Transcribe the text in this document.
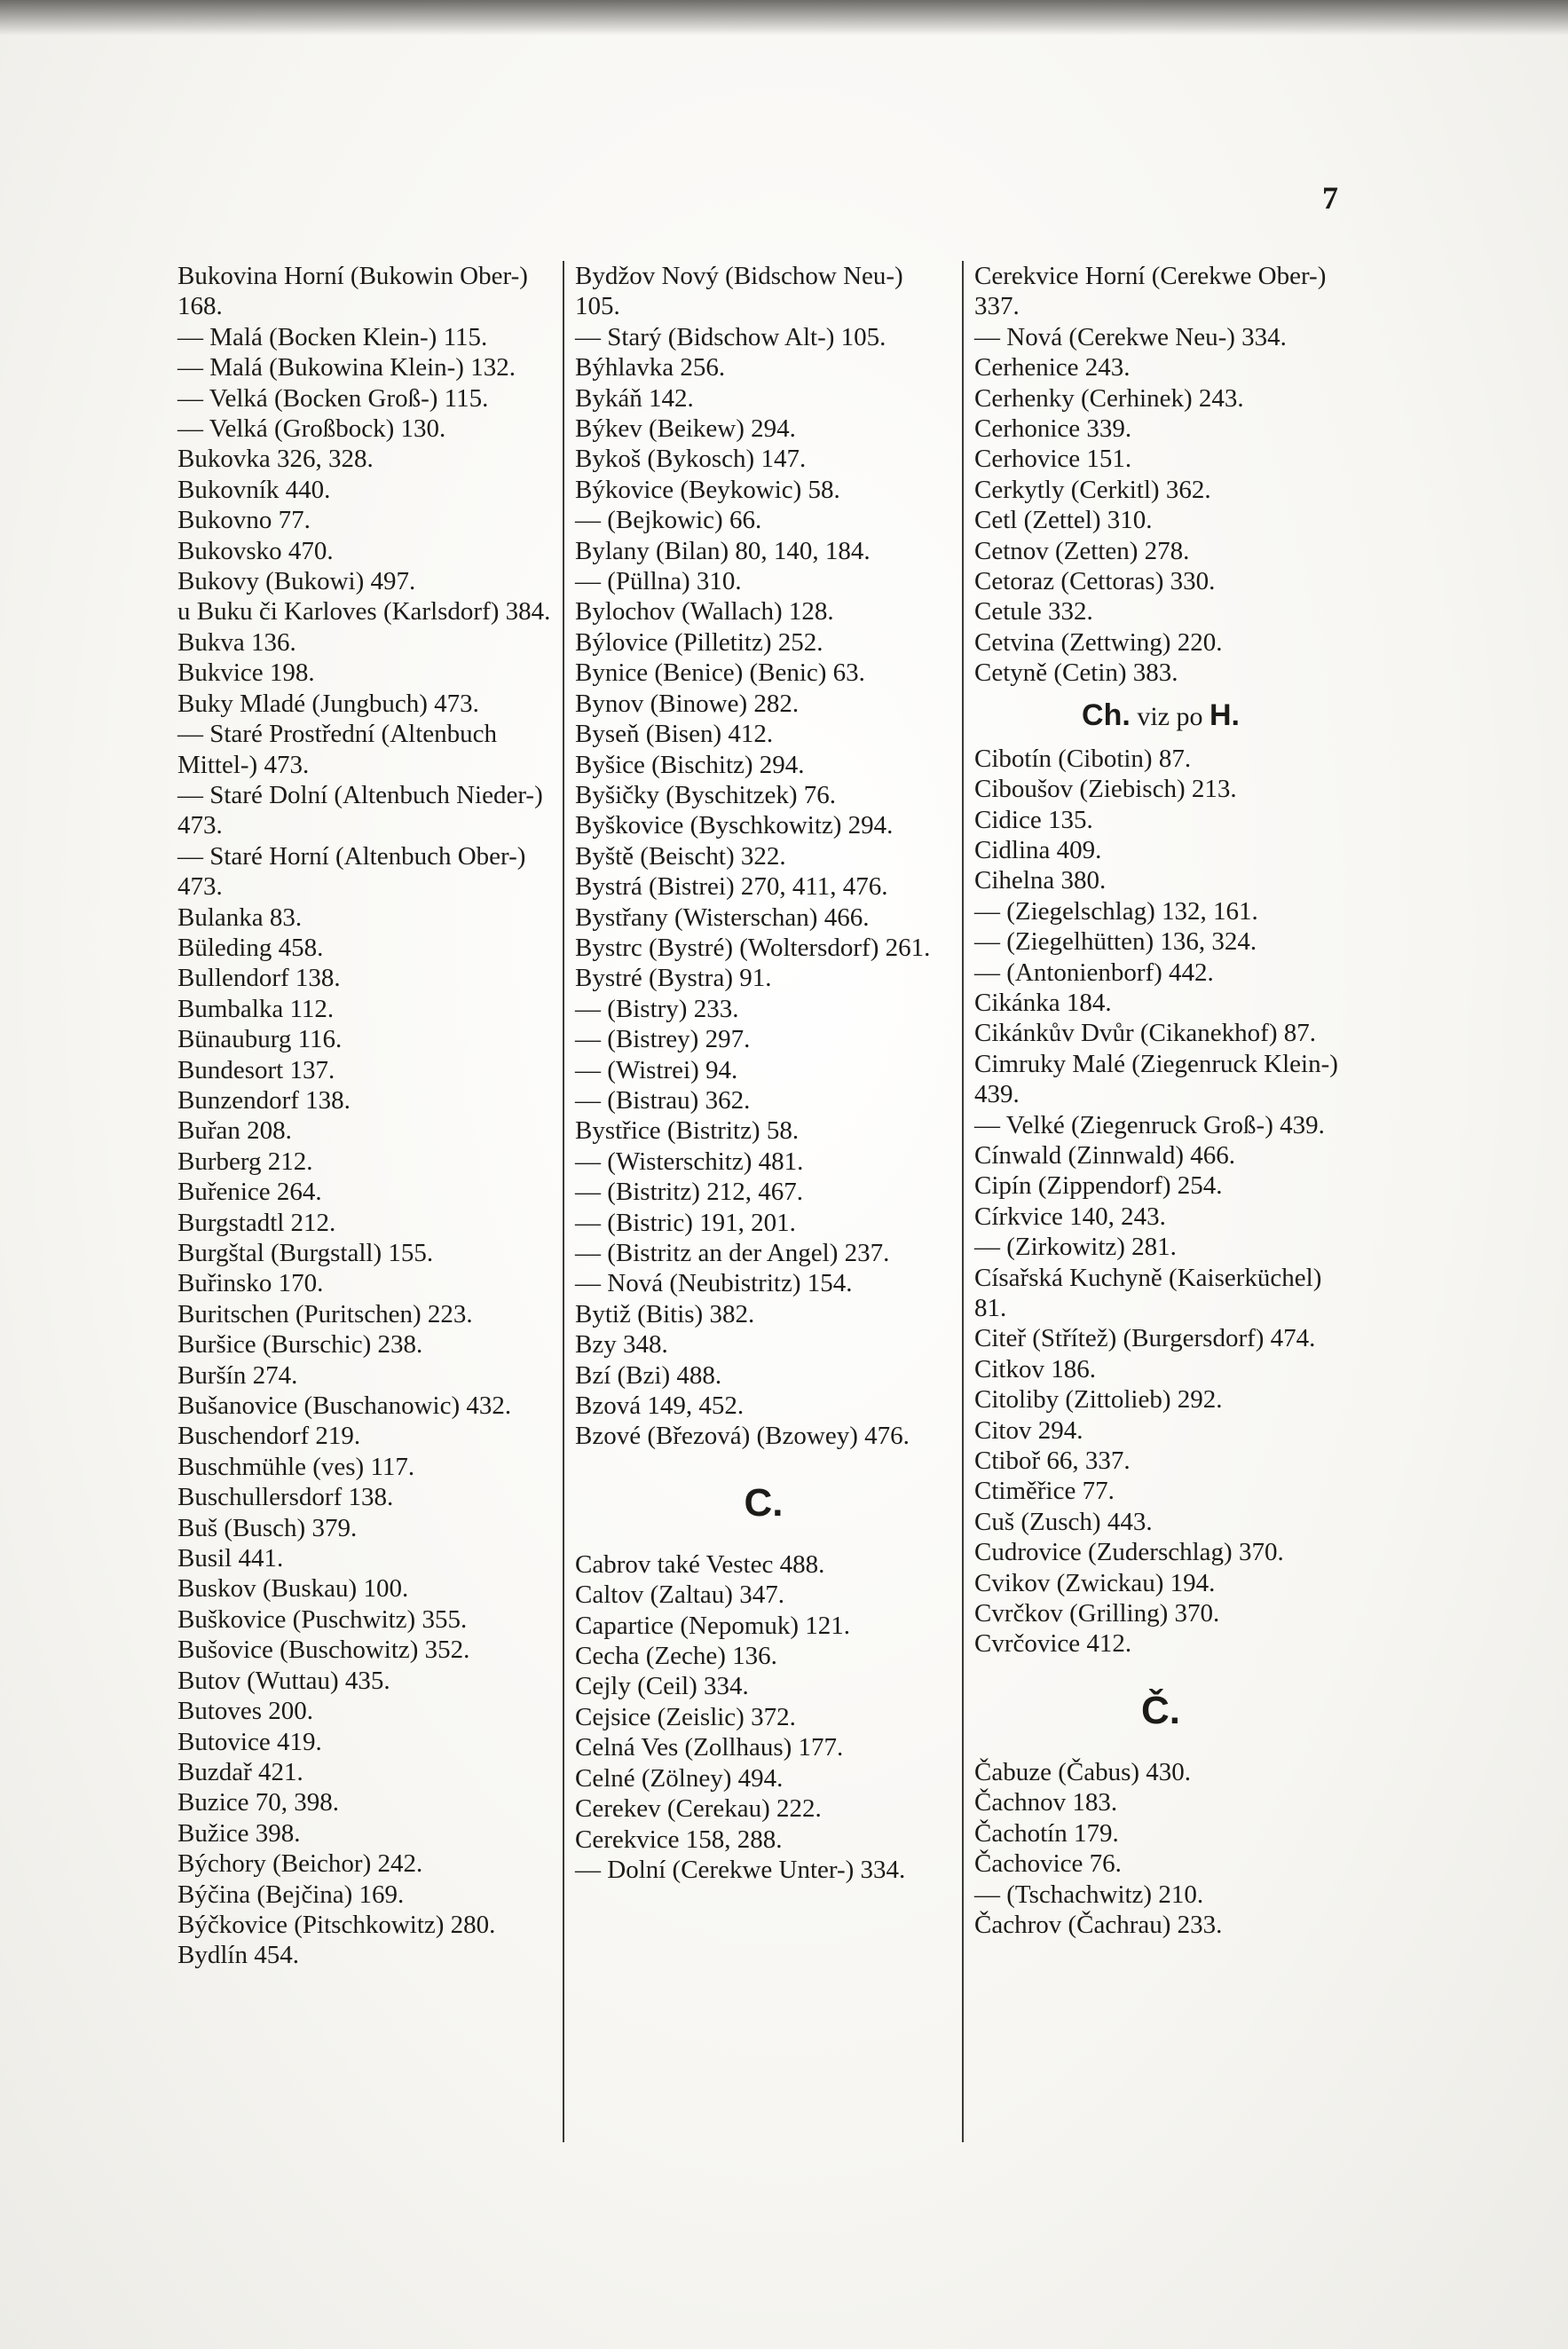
7
Bukovina Horní (Bukowin Ober-) 168.
— Malá (Bocken Klein-) 115.
— Malá (Bukowina Klein-) 132.
— Velká (Bocken Groß-) 115.
— Velká (Großbock) 130.
Bukovka 326, 328.
Bukovník 440.
Bukovno 77.
Bukovsko 470.
Bukovy (Bukowi) 497.
u Buku či Karloves (Karlsdorf) 384.
Bukva 136.
Bukvice 198.
Buky Mladé (Jungbuch) 473.
— Staré Prostřední (Altenbuch Mittel-) 473.
— Staré Dolní (Altenbuch Nieder-) 473.
— Staré Horní (Altenbuch Ober-) 473.
Bulanka 83.
Büleding 458.
Bullendorf 138.
Bumbalka 112.
Bünauburg 116.
Bundesort 137.
Bunzendorf 138.
Buřan 208.
Burberg 212.
Buřenice 264.
Burgstadtl 212.
Burgštal (Burgstall) 155.
Buřinsko 170.
Buritschen (Puritschen) 223.
Buršice (Burschic) 238.
Buršín 274.
Bušanovice (Buschanowic) 432.
Buschendorf 219.
Buschmühle (ves) 117.
Buschullersdorf 138.
Buš (Busch) 379.
Busil 441.
Buskov (Buskau) 100.
Buškovice (Puschwitz) 355.
Bušovice (Buschowitz) 352.
Butov (Wuttau) 435.
Butoves 200.
Butovice 419.
Buzdař 421.
Buzice 70, 398.
Bužice 398.
Býchory (Beichor) 242.
Býčina (Bejčina) 169.
Býčkovice (Pitschkowitz) 280.
Bydlín 454.
Bydžov Nový (Bidschow Neu-) 105.
— Starý (Bidschow Alt-) 105.
Býhlavka 256.
Bykáň 142.
Býkev (Beikew) 294.
Bykoš (Bykosch) 147.
Býkovice (Beykowic) 58.
— (Bejkowic) 66.
Bylany (Bilan) 80, 140, 184.
— (Püllna) 310.
Bylochov (Wallach) 128.
Býlovice (Pilletitz) 252.
Bynice (Benice) (Benic) 63.
Bynov (Binowe) 282.
Byseň (Bisen) 412.
Byšice (Bischitz) 294.
Byšičky (Byschitzek) 76.
Byškovice (Byschkowitz) 294.
Byště (Beischt) 322.
Bystrá (Bistrei) 270, 411, 476.
Bystřany (Wisterschan) 466.
Bystrc (Bystré) (Woltersdorf) 261.
Bystré (Bystra) 91.
— (Bistry) 233.
— (Bistrey) 297.
— (Wistrei) 94.
— (Bistrau) 362.
Bystřice (Bistritz) 58.
— (Wisterschitz) 481.
— (Bistritz) 212, 467.
— (Bistric) 191, 201.
— (Bistritz an der Angel) 237.
— Nová (Neubistritz) 154.
Bytiž (Bitis) 382.
Bzy 348.
Bzí (Bzi) 488.
Bzová 149, 452.
Bzové (Březová) (Bzowey) 476.
C.
Cabrov také Vestec 488.
Caltov (Zaltau) 347.
Capartice (Nepomuk) 121.
Cecha (Zeche) 136.
Cejly (Ceil) 334.
Cejsice (Zeislic) 372.
Celná Ves (Zollhaus) 177.
Celné (Zölney) 494.
Cerekev (Cerekau) 222.
Cerekvice 158, 288.
— Dolní (Cerekwe Unter-) 334.
Cerekvice Horní (Cerekwe Ober-) 337.
— Nová (Cerekwe Neu-) 334.
Cerhenice 243.
Cerhenky (Cerhinek) 243.
Cerhonice 339.
Cerhovice 151.
Cerkytly (Cerkitl) 362.
Cetl (Zettel) 310.
Cetnov (Zetten) 278.
Cetoraz (Cettoras) 330.
Cetule 332.
Cetvina (Zettwing) 220.
Cetyně (Cetin) 383.
Ch. viz po H.
Cibotín (Cibotin) 87.
Ciboušov (Ziebisch) 213.
Cidice 135.
Cidlina 409.
Cihelna 380.
— (Ziegelschlag) 132, 161.
— (Ziegelhütten) 136, 324.
— (Antonienborf) 442.
Cikánka 184.
Cikánkův Dvůr (Cikanekhof) 87.
Cimruky Malé (Ziegenruck Klein-) 439.
— Velké (Ziegenruck Groß-) 439.
Cínwald (Zinnwald) 466.
Cipín (Zippendorf) 254.
Církvice 140, 243.
— (Zirkowitz) 281.
Císařská Kuchyně (Kaiserküchel) 81.
Citeř (Střítež) (Burgersdorf) 474.
Citkov 186.
Citoliby (Zittolieb) 292.
Citov 294.
Ctiboř 66, 337.
Ctiměřice 77.
Cuš (Zusch) 443.
Cudrovice (Zuderschlag) 370.
Cvikov (Zwickau) 194.
Cvrčkov (Grilling) 370.
Cvrčovice 412.
Č.
Čabuze (Čabus) 430.
Čachnov 183.
Čachotín 179.
Čachovice 76.
— (Tschachwitz) 210.
Čachrov (Čachrau) 233.
